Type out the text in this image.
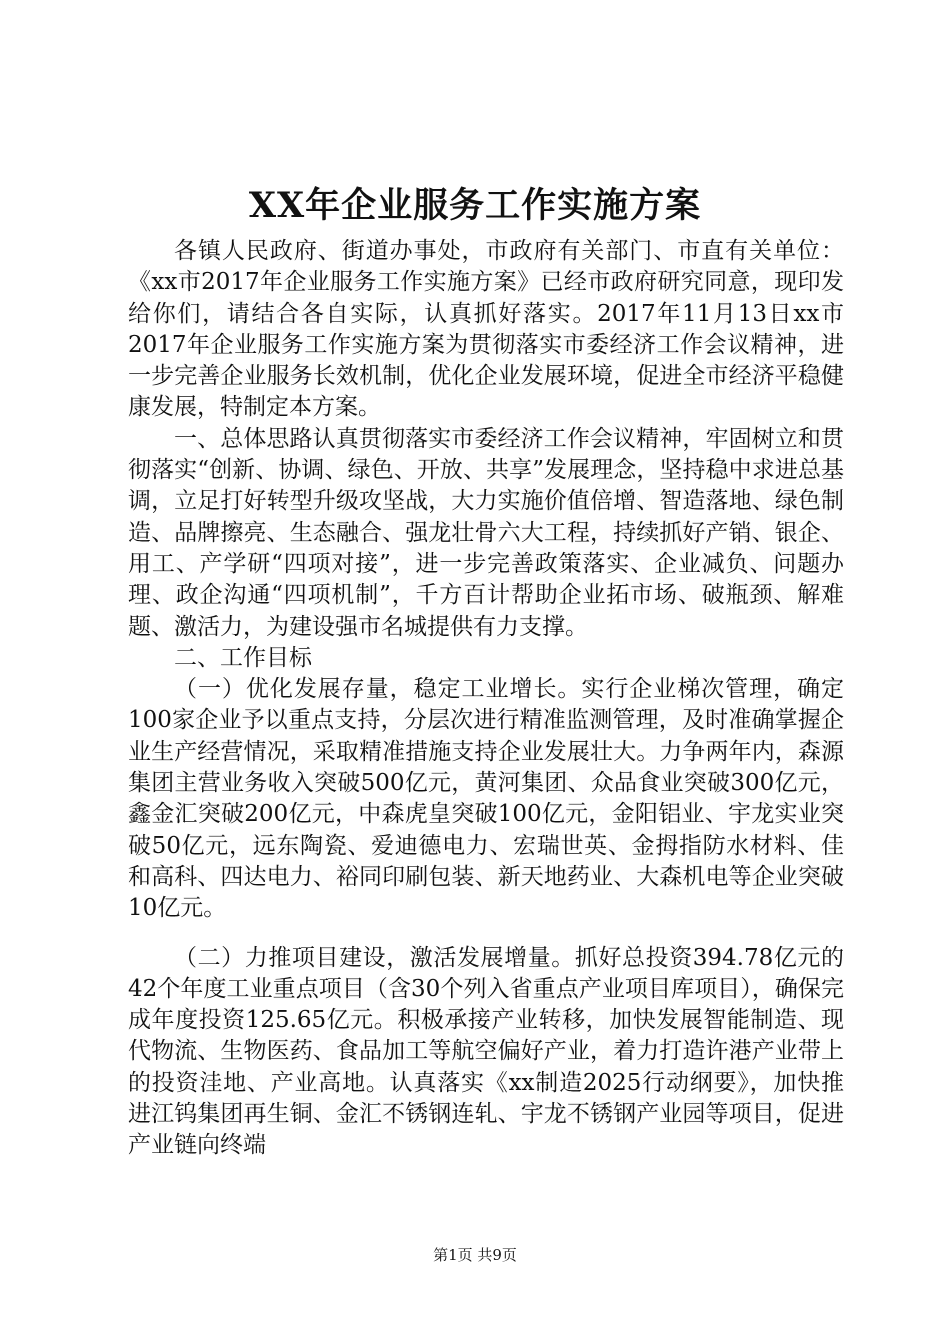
XX年企业服务工作实施方案

各镇人民政府、街道办事处，市政府有关部门、市直有关单位：《xx市2017年企业服务工作实施方案》已经市政府研究同意，现印发给你们，请结合各自实际，认真抓好落实。2017年11月13日xx市2017年企业服务工作实施方案为贯彻落实市委经济工作会议精神，进一步完善企业服务长效机制，优化企业发展环境，促进全市经济平稳健康发展，特制定本方案。

一、总体思路认真贯彻落实市委经济工作会议精神，牢固树立和贯彻落实“创新、协调、绿色、开放、共享”发展理念，坚持稳中求进总基调，立足打好转型升级攻坚战，大力实施价值倍增、智造落地、绿色制造、品牌擦亮、生态融合、强龙壮骨六大工程，持续抓好产销、银企、用工、产学研“四项对接”，进一步完善政策落实、企业减负、问题办理、政企沟通“四项机制”，千方百计帮助企业拓市场、破瓶颈、解难题、激活力，为建设强市名城提供有力支撑。

二、工作目标

（一）优化发展存量，稳定工业增长。实行企业梯次管理，确定100家企业予以重点支持，分层次进行精准监测管理，及时准确掌握企业生产经营情况，采取精准措施支持企业发展壮大。力争两年内，森源集团主营业务收入突破500亿元，黄河集团、众品食业突破300亿元，鑫金汇突破200亿元，中森虎皇突破100亿元，金阳铝业、宇龙实业突破50亿元，远东陶瓷、爱迪德电力、宏瑞世英、金拇指防水材料、佳和高科、四达电力、裕同印刷包装、新天地药业、大森机电等企业突破10亿元。

（二）力推项目建设，激活发展增量。抓好总投资394.78亿元的42个年度工业重点项目（含30个列入省重点产业项目库项目），确保完成年度投资125.65亿元。积极承接产业转移，加快发展智能制造、现代物流、生物医药、食品加工等航空偏好产业，着力打造许港产业带上的投资洼地、产业高地。认真落实《xx制造2025行动纲要》，加快推进江钨集团再生铜、金汇不锈钢连轧、宇龙不锈钢产业园等项目，促进产业链向终端

第1页 共9页
